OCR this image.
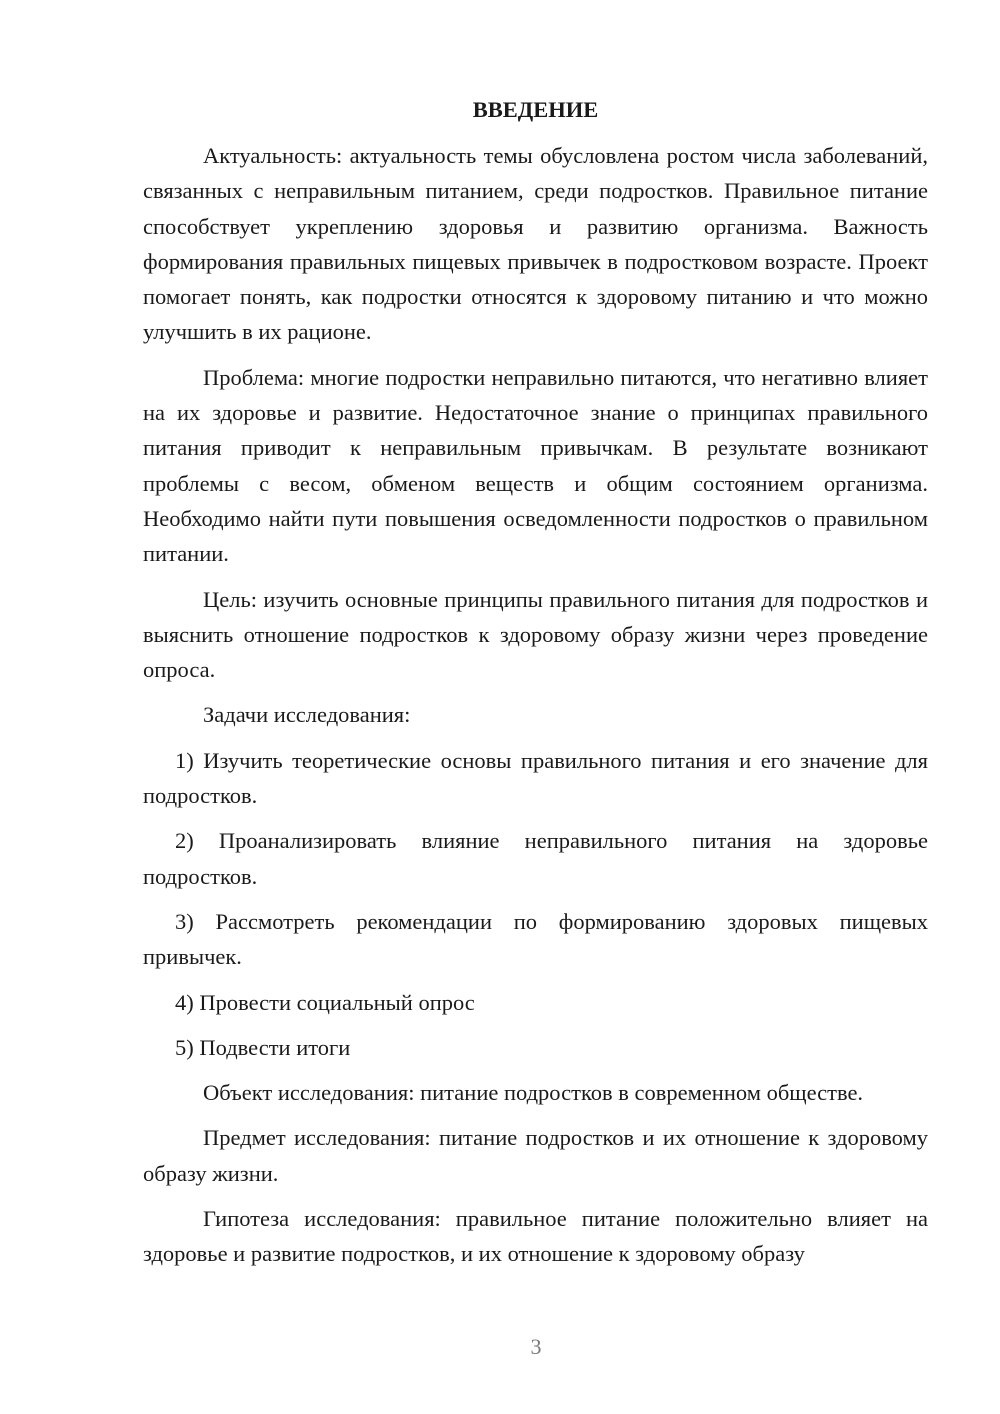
ВВЕДЕНИЕ

Актуальность: актуальность темы обусловлена ростом числа заболеваний, связанных с неправильным питанием, среди подростков. Правильное питание способствует укреплению здоровья и развитию организма. Важность формирования правильных пищевых привычек в подростковом возрасте. Проект помогает понять, как подростки относятся к здоровому питанию и что можно улучшить в их рационе.

Проблема: многие подростки неправильно питаются, что негативно влияет на их здоровье и развитие. Недостаточное знание о принципах правильного питания приводит к неправильным привычкам. В результате возникают проблемы с весом, обменом веществ и общим состоянием организма. Необходимо найти пути повышения осведомленности подростков о правильном питании.

Цель: изучить основные принципы правильного питания для подростков и выяснить отношение подростков к здоровому образу жизни через проведение опроса.

Задачи исследования:

1) Изучить теоретические основы правильного питания и его значение для подростков.

2) Проанализировать влияние неправильного питания на здоровье подростков.

3) Рассмотреть рекомендации по формированию здоровых пищевых привычек.

4) Провести социальный опрос

5) Подвести итоги

Объект исследования: питание подростков в современном обществе.

Предмет исследования: питание подростков и их отношение к здоровому образу жизни.

Гипотеза исследования: правильное питание положительно влияет на здоровье и развитие подростков, и их отношение к здоровому образу

3
